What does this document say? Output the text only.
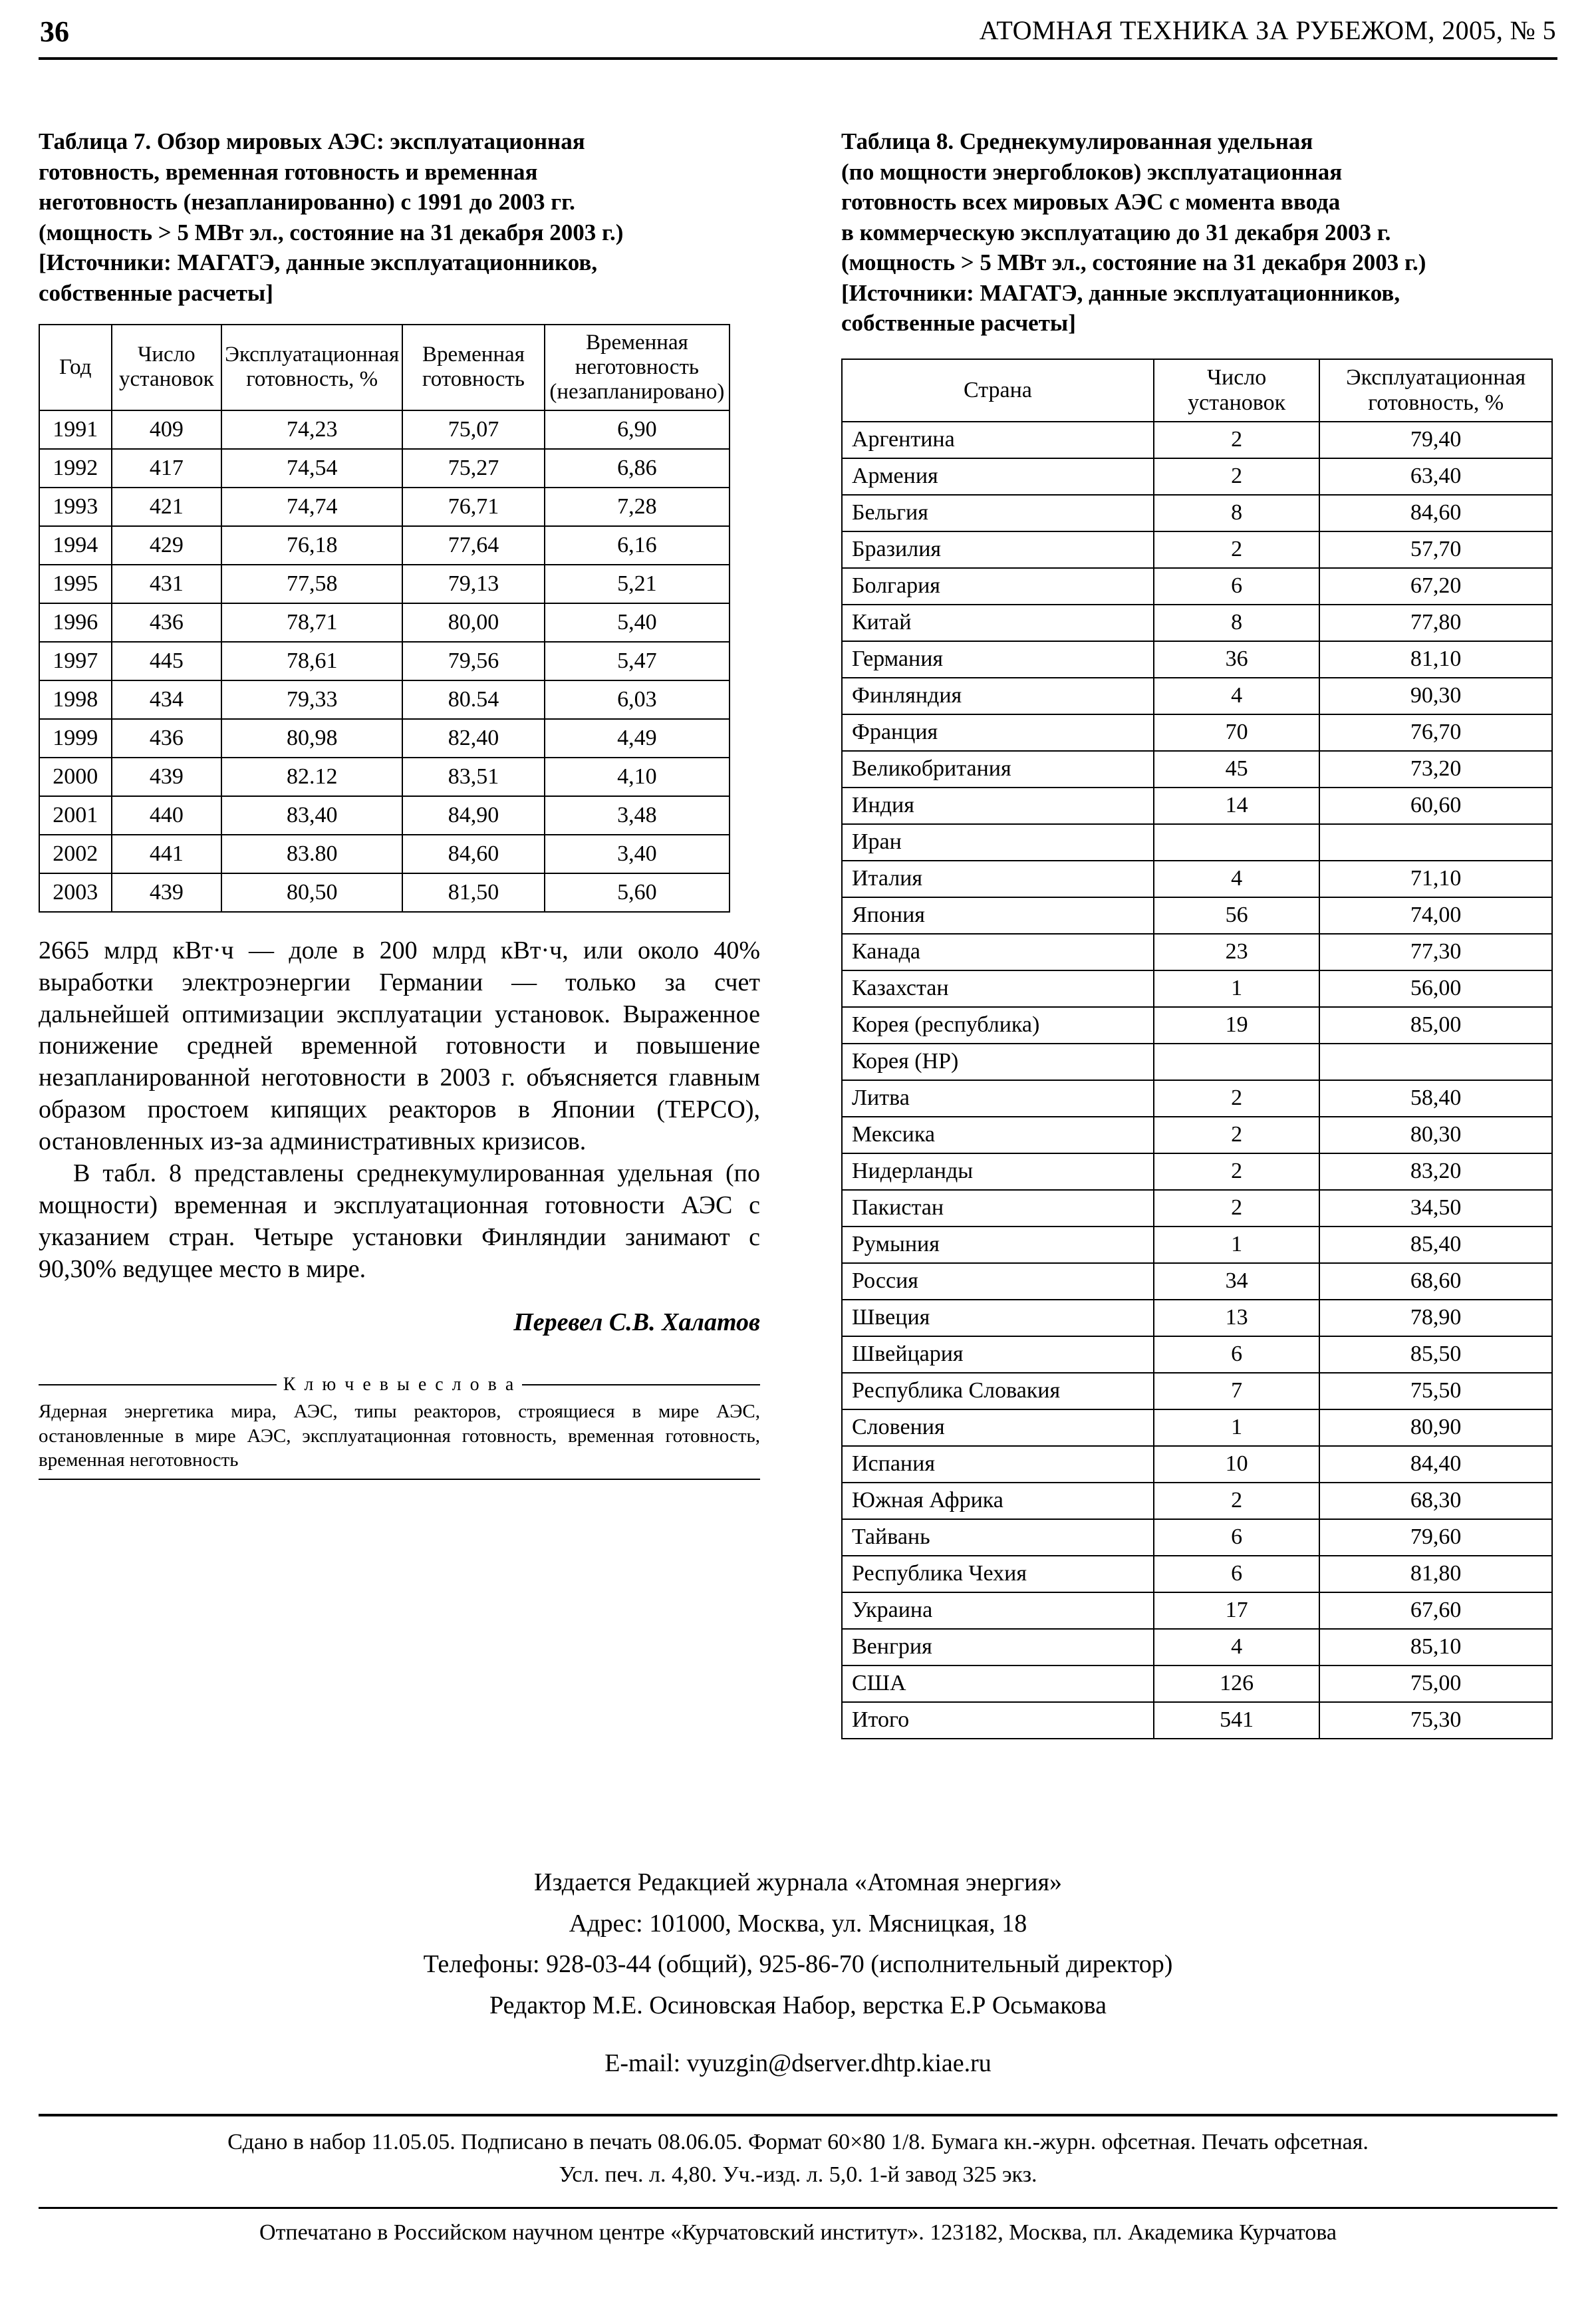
36	АТОМНАЯ ТЕХНИКА ЗА РУБЕЖОМ, 2005, № 5
Таблица 7. Обзор мировых АЭС: эксплуатационная
готовность, временная готовность и временная
неготовность (незапланированно) с 1991 до 2003 гг.
(мощность > 5 МВт эл., состояние на 31 декабря 2003 г.)
[Источники: МАГАТЭ, данные эксплуатационников,
собственные расчеты]
Год	Число установок	Эксплуатационная готовность, %	Временная готовность	Временная неготовность (незапланировано)
1991	409	74,23	75,07	6,90
1992	417	74,54	75,27	6,86
1993	421	74,74	76,71	7,28
1994	429	76,18	77,64	6,16
1995	431	77,58	79,13	5,21
1996	436	78,71	80,00	5,40
1997	445	78,61	79,56	5,47
1998	434	79,33	80.54	6,03
1999	436	80,98	82,40	4,49
2000	439	82.12	83,51	4,10
2001	440	83,40	84,90	3,48
2002	441	83.80	84,60	3,40
2003	439	80,50	81,50	5,60

2665 млрд кВт·ч — доле в 200 млрд кВт·ч, или около 40% выработки электроэнергии Германии — только за счет дальнейшей оптимизации эксплуатации установок. Выраженное понижение средней временной готовности и повышение незапланированной неготовности в 2003 г. объясняется главным образом простоем кипящих реакторов в Японии (ТЕРСО), остановленных из-за административных кризисов.

В табл. 8 представлены среднекумулированная удельная (по мощности) временная и эксплуатационная готовности АЭС с указанием стран. Четыре установки Финляндии занимают с 90,30% ведущее место в мире.

Перевел С.В. Халатов
К л ю ч е в ы е с л о в а
Ядерная энергетика мира, АЭС, типы реакторов, строящиеся в мире АЭС, остановленные в мире АЭС, эксплуатационная готовность, временная готовность, временная неготовность
Таблица 8. Среднекумулированная удельная
(по мощности энергоблоков) эксплуатационная
готовность всех мировых АЭС с момента ввода
в коммерческую эксплуатацию до 31 декабря 2003 г.
(мощность > 5 МВт эл., состояние на 31 декабря 2003 г.)
[Источники: МАГАТЭ, данные эксплуатационников,
собственные расчеты]
Страна	Число установок	Эксплуатационная готовность, %
Аргентина	2	79,40
Армения	2	63,40
Бельгия	8	84,60
Бразилия	2	57,70
Болгария	6	67,20
Китай	8	77,80
Германия	36	81,10
Финляндия	4	90,30
Франция	70	76,70
Великобритания	45	73,20
Индия	14	60,60
Иран		
Италия	4	71,10
Япония	56	74,00
Канада	23	77,30
Казахстан	1	56,00
Корея (республика)	19	85,00
Корея (НР)		
Литва	2	58,40
Мексика	2	80,30
Нидерланды	2	83,20
Пакистан	2	34,50
Румыния	1	85,40
Россия	34	68,60
Швеция	13	78,90
Швейцария	6	85,50
Республика Словакия	7	75,50
Словения	1	80,90
Испания	10	84,40
Южная Африка	2	68,30
Тайвань	6	79,60
Республика Чехия	6	81,80
Украина	17	67,60
Венгрия	4	85,10
США	126	75,00
Итого	541	75,30
Издается Редакцией журнала «Атомная энергия»
Адрес: 101000, Москва, ул. Мясницкая, 18
Телефоны: 928-03-44 (общий), 925-86-70 (исполнительный директор)
Редактор М.Е. Осиновская Набор, верстка Е.Р Осьмакова
E-mail: vyuzgin@dserver.dhtp.kiae.ru
Сдано в набор 11.05.05. Подписано в печать 08.06.05. Формат 60×80 1/8. Бумага кн.-журн. офсетная. Печать офсетная.
Усл. печ. л. 4,80. Уч.-изд. л. 5,0. 1-й завод 325 экз.
Отпечатано в Российском научном центре «Курчатовский институт». 123182, Москва, пл. Академика Курчатова
